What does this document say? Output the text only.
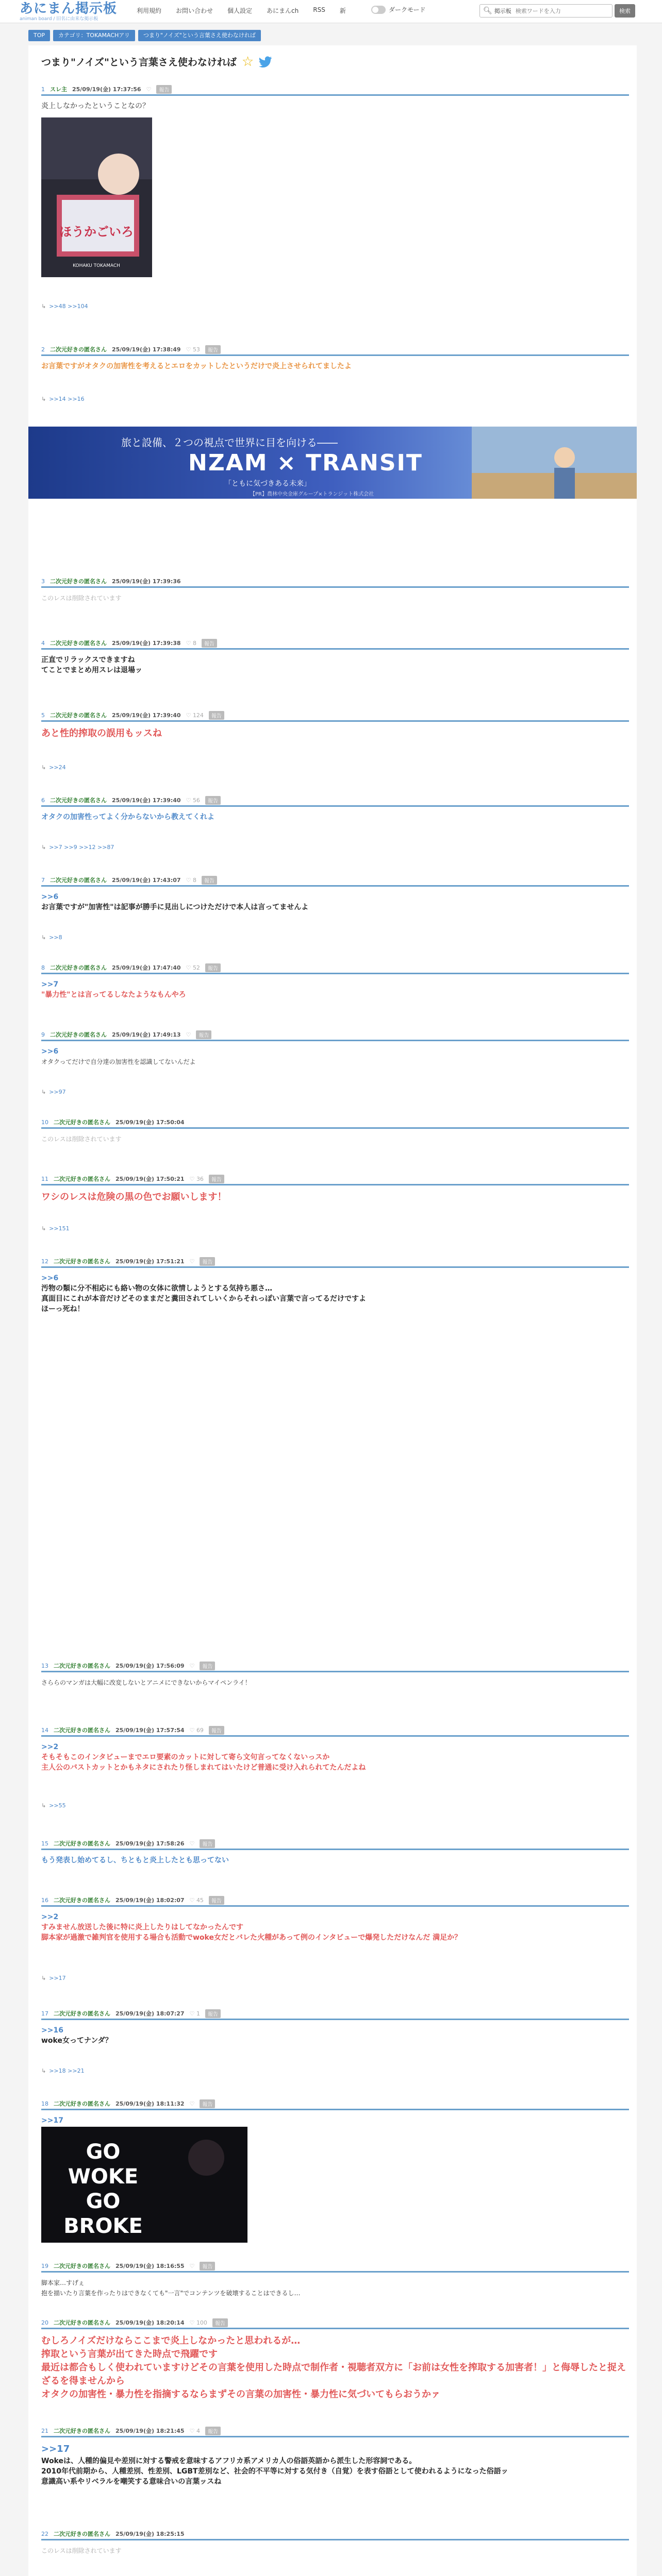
あにまん掲示板
animan board / 旧名に由来な掲示板
利用規約 お問い合わせ 個人設定 あにまんch RSS 新	ダークモード	🔍︎ 掲示板
検索ワードを入力	検索
TOP	カテゴリ：TOKAMACHアリ	つまり"ノイズ"という言葉さえ使わなければ
つまり"ノイズ"という言葉さえ使わなければ ☆
1 スレ主 25/09/19(金) 17:37:56 ♡	報告
炎上しなかったということなの？
ほうかごいろ
KOHAKU TOKAMACH
↳ >>48 >>104
2 二次元好きの匿名さん 25/09/19(金) 17:38:49 ♡ 53	報告
お言葉ですがオタクの加害性を考えるとエロをカットしたというだけで炎上させられてましたよ
↳ >>14 >>16
旅と設備、２つの視点で世界に目を向ける――
NZAM × TRANSIT
「ともに気づきある未来」
【PR】農林中央金庫グループ×トランジット株式会社
3 二次元好きの匿名さん 25/09/19(金) 17:39:36
このレスは削除されています
4 二次元好きの匿名さん 25/09/19(金) 17:39:38 ♡ 8	報告
正直でリラックスできますね
てことでまとめ用スレは退場ッ
5 二次元好きの匿名さん 25/09/19(金) 17:39:40 ♡ 124	報告
あと性的搾取の誤用もッスね
↳ >>24
6 二次元好きの匿名さん 25/09/19(金) 17:39:40 ♡ 56	報告
オタクの加害性ってよく分からないから教えてくれよ
↳ >>7 >>9 >>12 >>87
7 二次元好きの匿名さん 25/09/19(金) 17:43:07 ♡ 8	報告
>>6
お言葉ですが"加害性"は記事が勝手に見出しにつけただけで本人は言ってませんよ
↳ >>8
8 二次元好きの匿名さん 25/09/19(金) 17:47:40 ♡ 52	報告
>>7
"暴力性"とは言ってるしなたようなもんやろ
9 二次元好きの匿名さん 25/09/19(金) 17:49:13 ♡	報告
>>6
オタクってだけで自分達の加害性を認識してないんだよ
↳ >>97
10 二次元好きの匿名さん 25/09/19(金) 17:50:04
このレスは削除されています
11 二次元好きの匿名さん 25/09/19(金) 17:50:21 ♡ 36	報告
ワシのレスは危険の黒の色でお願いします！
↳ >>151
12 二次元好きの匿名さん 25/09/19(金) 17:51:21 ♡	報告
>>6
汚物の類に分不相応にも絡い物の女体に欲情しようとする気持ち悪さ…
真面目にこれが本音だけどそのままだと糞田されてしいくからそれっぽい言葉で言ってるだけですよ
ほーっ死ね！
13 二次元好きの匿名さん 25/09/19(金) 17:56:09 ♡	報告
さららのマンガは大幅に改変しないとアニメにできないからマイペンライ！
14 二次元好きの匿名さん 25/09/19(金) 17:57:54 ♡ 69	報告
>>2
そもそもこのインタビューまでエロ要素のカットに対して寄ら文句言ってなくないっスか
主人公のバストカットとかもネタにされたり怪しまれてはいたけど普通に受け入れられてたんだよね
↳ >>55
15 二次元好きの匿名さん 25/09/19(金) 17:58:26 ♡	報告
もう発表し始めてるし、ちともと炎上したとも思ってない
16 二次元好きの匿名さん 25/09/19(金) 18:02:07 ♡ 45	報告
>>2
すみません放送した後に特に炎上したりはしてなかったんです
脚本家が過激で雑判官を使用する場合も活動でwoke女だとバレた火種があって例のインタビューで爆発しただけなんだ 満足か？
↳ >>17
17 二次元好きの匿名さん 25/09/19(金) 18:07:27 ♡ 1	報告
>>16
woke女ってナンダ？
↳ >>18 >>21
18 二次元好きの匿名さん 25/09/19(金) 18:11:32 ♡	報告
>>17
GO
WOKE
GO
BROKE
19 二次元好きの匿名さん 25/09/19(金) 18:16:55 ♡	報告
脚本家…すげぇ
抱を描いたり言葉を作ったりはできなくても"一言"でコンテンツを破壊することはできるし…
20 二次元好きの匿名さん 25/09/19(金) 18:20:14 ♡ 100	報告
むしろノイズだけならここまで炎上しなかったと思われるが…
搾取という言葉が出てきた時点で飛躍です
最近は都合もしく使われていますけどその言葉を使用した時点で制作者・視聴者双方に「お前は女性を搾取する加害者！」と侮辱したと捉えざるを得ませんから
オタクの加害性・暴力性を指摘するならまずその言葉の加害性・暴力性に気づいてもらおうかァ
21 二次元好きの匿名さん 25/09/19(金) 18:21:45 ♡ 4	報告
>>17
Wokeは、人種的偏見や差別に対する警戒を意味するアフリカ系アメリカ人の俗語英語から派生した形容詞である。
2010年代前期から、人種差別、性差別、LGBT差別など、社会的不平等に対する気付き（自覚）を表す俗語として使われるようになった俗語ッ
意識高い系やリベラルを嘲笑する意味合いの言葉ッスね
22 二次元好きの匿名さん 25/09/19(金) 18:25:15
このレスは削除されています
